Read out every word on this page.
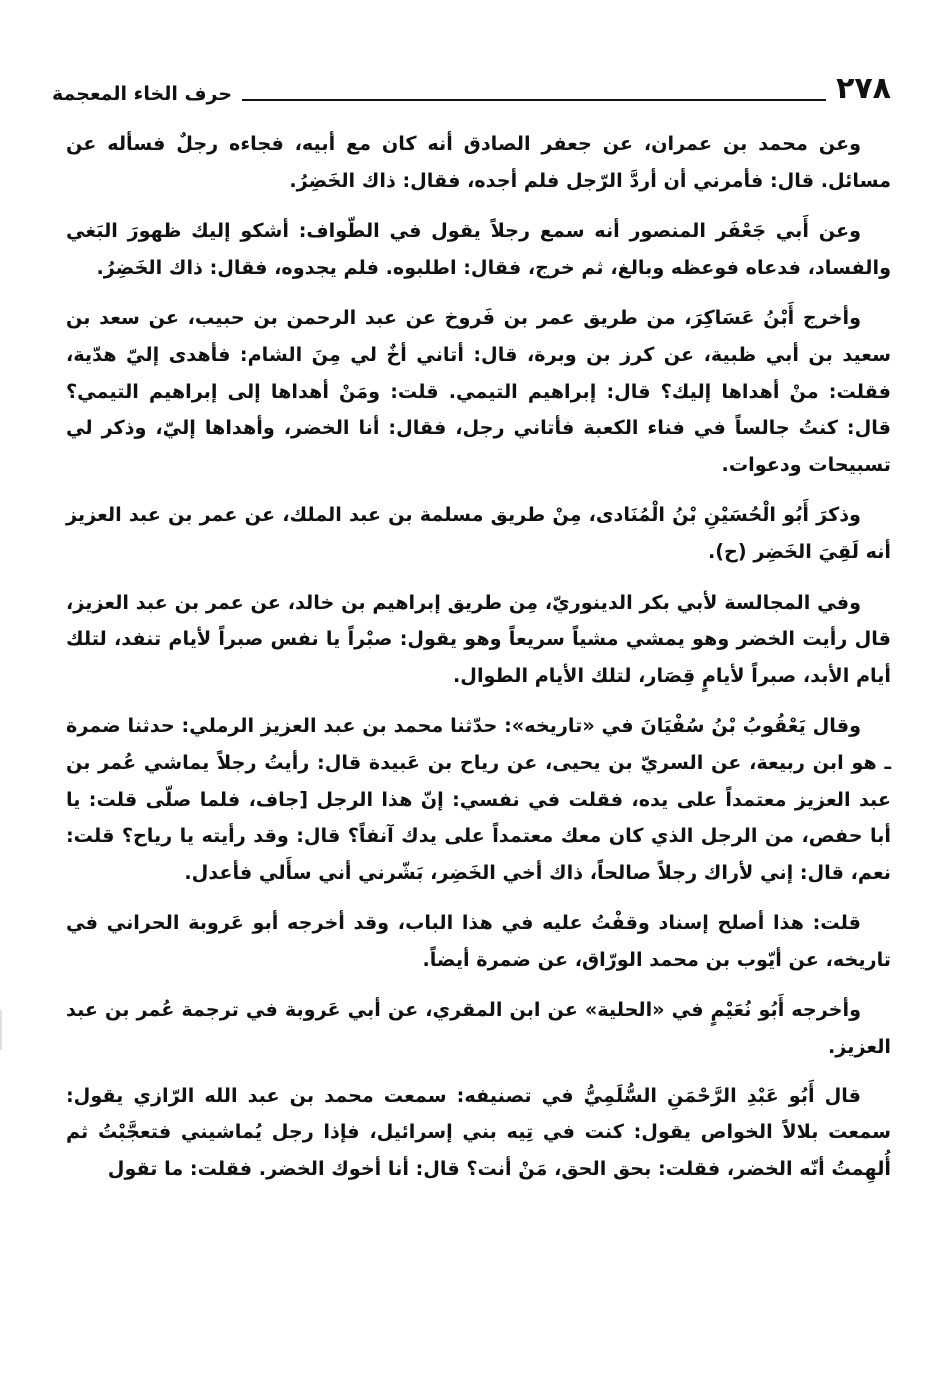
٢٧٨
حرف الخاء المعجمة

وعن محمد بن عمران، عن جعفر الصادق أنه كان مع أبيه، فجاءه رجلٌ فسأله عن مسائل. قال: فأمرني أن أردَّ الرّجل فلم أجده، فقال: ذاك الخَضِرُ.

وعن أَبي جَعْفَر المنصور أنه سمع رجلاً يقول في الطّواف: أشكو إليك ظهورَ البَغي والفساد، فدعاه فوعظه وبالغ، ثم خرج، فقال: اطلبوه. فلم يجدوه، فقال: ذاك الخَضِرُ.

وأخرج أَبْنُ عَسَاكِرَ، من طريق عمر بن فَروخ عن عبد الرحمن بن حبيب، عن سعد بن سعيد بن أبي ظبية، عن كرز بن وبرة، قال: أتاني أخٌ لي مِنَ الشام: فأهدى إليّ هدّية، فقلت: منْ أهداها إليك؟ قال: إبراهيم التيمي. قلت: ومَنْ أهداها إلى إبراهيم التيمي؟ قال: كنتُ جالساً في فناء الكعبة فأتاني رجل، فقال: أنا الخضر، وأهداها إليّ، وذكر لي تسبيحات ودعوات.

وذكرَ أَبُو الْحُسَيْنِ بْنُ الْمُنَادى، مِنْ طريق مسلمة بن عبد الملك، عن عمر بن عبد العزيز أنه لَقِيَ الخَضِر (ح).

وفي المجالسة لأبي بكر الدينوريّ، مِن طريق إبراهيم بن خالد، عن عمر بن عبد العزيز، قال رأيت الخضر وهو يمشي مشياً سريعاً وهو يقول: صبْراً يا نفس صبراً لأيام تنفد، لتلك أيام الأبد، صبراً لأيامٍ قِصَار، لتلك الأيام الطوال.

وقال يَعْقُوبُ بْنُ سُفْيَانَ في «تاريخه»: حدّثنا محمد بن عبد العزيز الرملي: حدثنا ضمرة ـ هو ابن ربيعة، عن السريّ بن يحيى، عن رياح بن عَبيدة قال: رأيتُ رجلاً يماشي عُمر بن عبد العزيز معتمداً على يده، فقلت في نفسي: إنّ هذا الرجل [جاف، فلما صلّى قلت: يا أبا حفص، من الرجل الذي كان معك معتمداً على يدك آنفاً؟ قال: وقد رأيته يا رياح؟ قلت: نعم، قال: إني لأراك رجلاً صالحاً، ذاك أخي الخَضِر، بَشّرني أني سأَلي فأعدل.

قلت: هذا أصلح إسناد وقفْتُ عليه في هذا الباب، وقد أخرجه أبو عَروبة الحراني في تاريخه، عن أيّوب بن محمد الورّاق، عن ضمرة أيضاً.

وأخرجه أَبُو نُعَيْمٍ في «الحلية» عن ابن المقري، عن أبي عَروبة في ترجمة عُمر بن عبد العزيز.

قال أَبُو عَبْدِ الرَّحْمَنِ السُّلَمِيُّ في تصنيفه: سمعت محمد بن عبد الله الرّازي يقول: سمعت بلالاً الخواص يقول: كنت في تِيه بني إسرائيل، فإذا رجل يُماشيني فتعجَّبْتُ ثم أُلهِمتُ أنّه الخضر، فقلت: بحق الحق، مَنْ أنت؟ قال: أنا أخوك الخضر. فقلت: ما تقول
